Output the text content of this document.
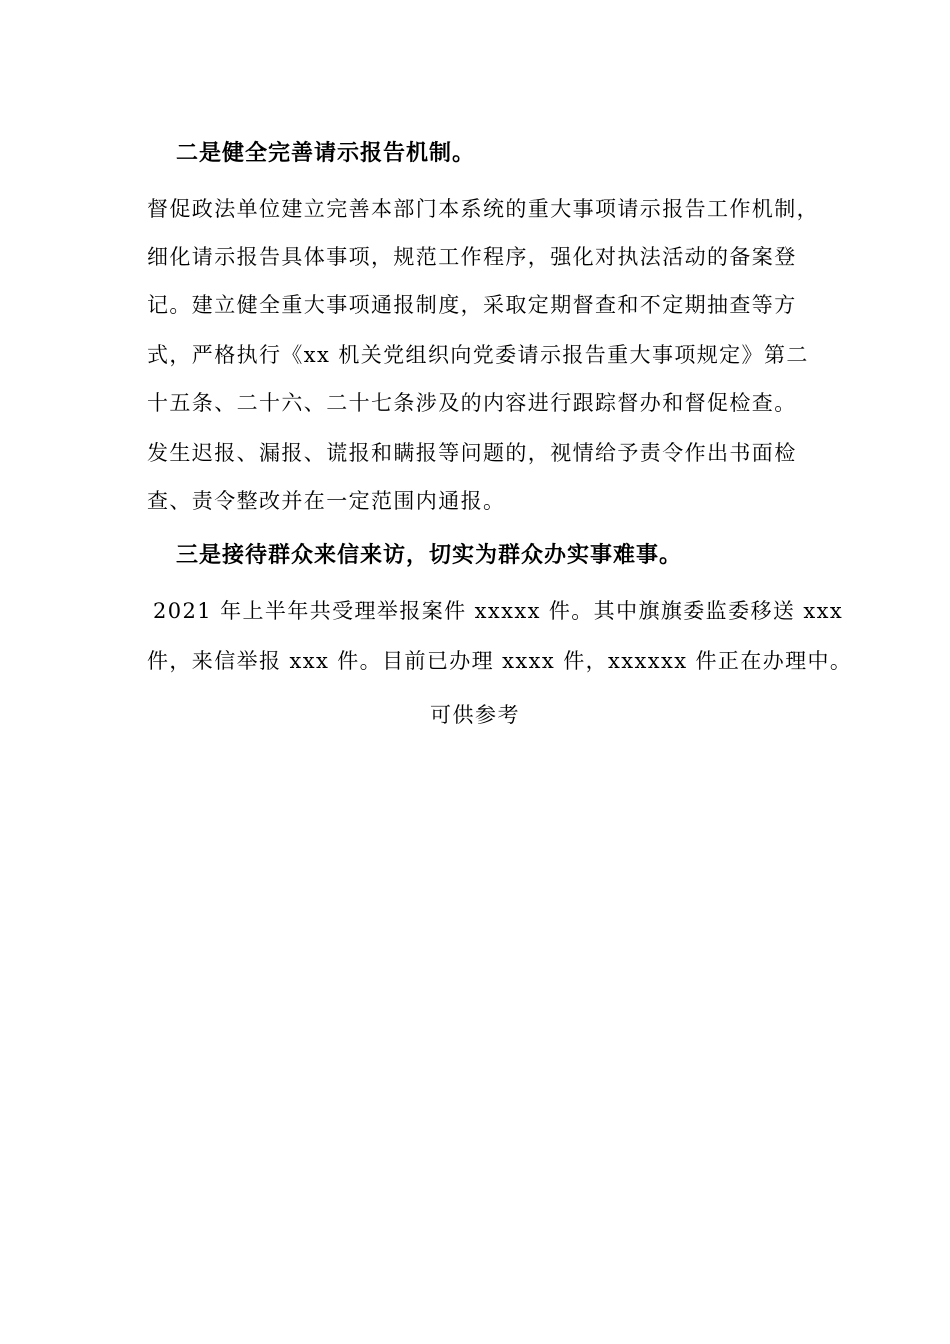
二是健全完善请示报告机制。
督促政法单位建立完善本部门本系统的重大事项请示报告工作机制，
细化请示报告具体事项，规范工作程序，强化对执法活动的备案登
记。建立健全重大事项通报制度，采取定期督查和不定期抽查等方
式，严格执行《xx 机关党组织向党委请示报告重大事项规定》第二
十五条、二十六、二十七条涉及的内容进行跟踪督办和督促检查。
发生迟报、漏报、谎报和瞒报等问题的，视情给予责令作出书面检
查、责令整改并在一定范围内通报。
三是接待群众来信来访，切实为群众办实事难事。
2021 年上半年共受理举报案件 xxxxx 件。其中旗旗委监委移送 xxx
件，来信举报 xxx 件。目前已办理 xxxx 件，xxxxxx 件正在办理中。
可供参考
